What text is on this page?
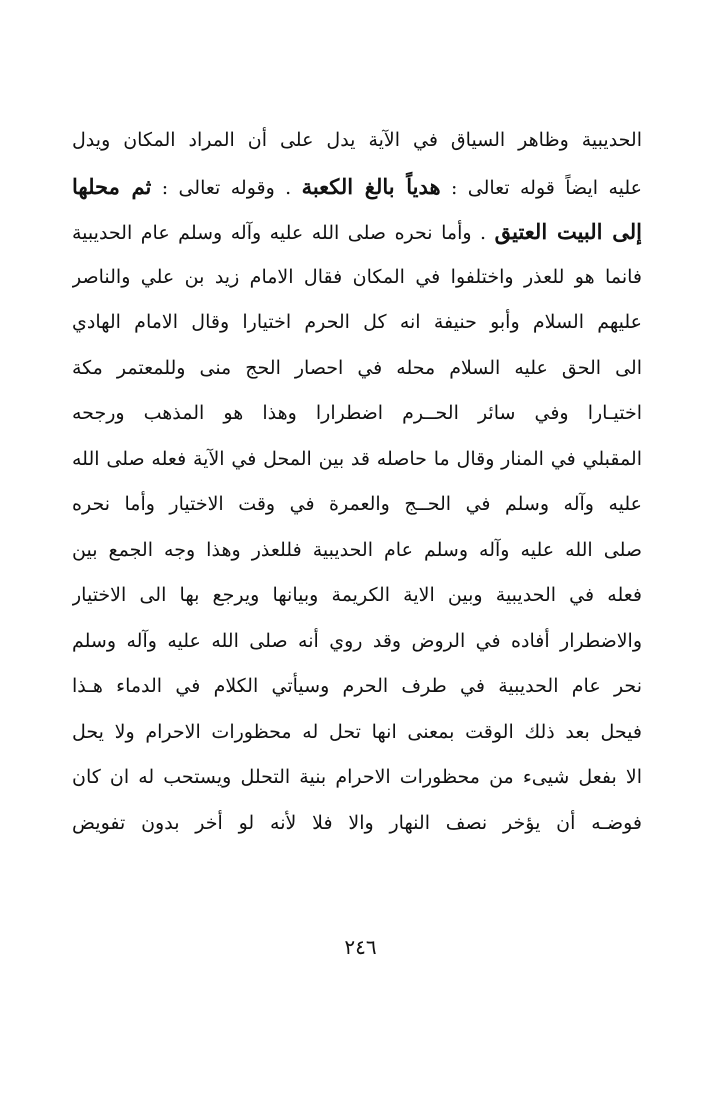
الحديبية وظاهر السياق في الآية يدل على أن المراد المكان ويدل
عليه ايضاً قوله تعالى : هدياً بالغ الكعبة . وقوله تعالى : ثم محلها
إلى البيت العتيق . وأما نحره صلى الله عليه وآله وسلم عام الحديبية
فانما هو للعذر واختلفوا في المكان فقال الامام زيد بن علي والناصر
عليهم السلام وأبو حنيفة انه كل الحرم اختيارا وقال الامام الهادي
الى الحق عليه السلام محله في احصار الحج منى وللمعتمر مكة
اختيـارا وفي سائر الحــرم اضطرارا وهذا هو المذهب ورجحه
المقبلي في المنار وقال ما حاصله قد بين المحل في الآية فعله صلى الله
عليه وآله وسلم في الحــج والعمرة في وقت الاختيار وأما نحره
صلى الله عليه وآله وسلم عام الحديبية فللعذر وهذا وجه الجمع بين
فعله في الحديبية وبين الاية الكريمة وبيانها ويرجع بها الى الاختيار
والاضطرار أفاده في الروض وقد روي أنه صلى الله عليه وآله وسلم
نحر عام الحديبية في طرف الحرم وسيأتي الكلام في الدماء هـذا
فيحل بعد ذلك الوقت بمعنى انها تحل له محظورات الاحرام ولا يحل
الا بفعل شيىء من محظورات الاحرام بنية التحلل ويستحب له ان كان
فوضـه أن يؤخر نصف النهار والا فلا لأنه لو أخر بدون تفويض
٢٤٦
